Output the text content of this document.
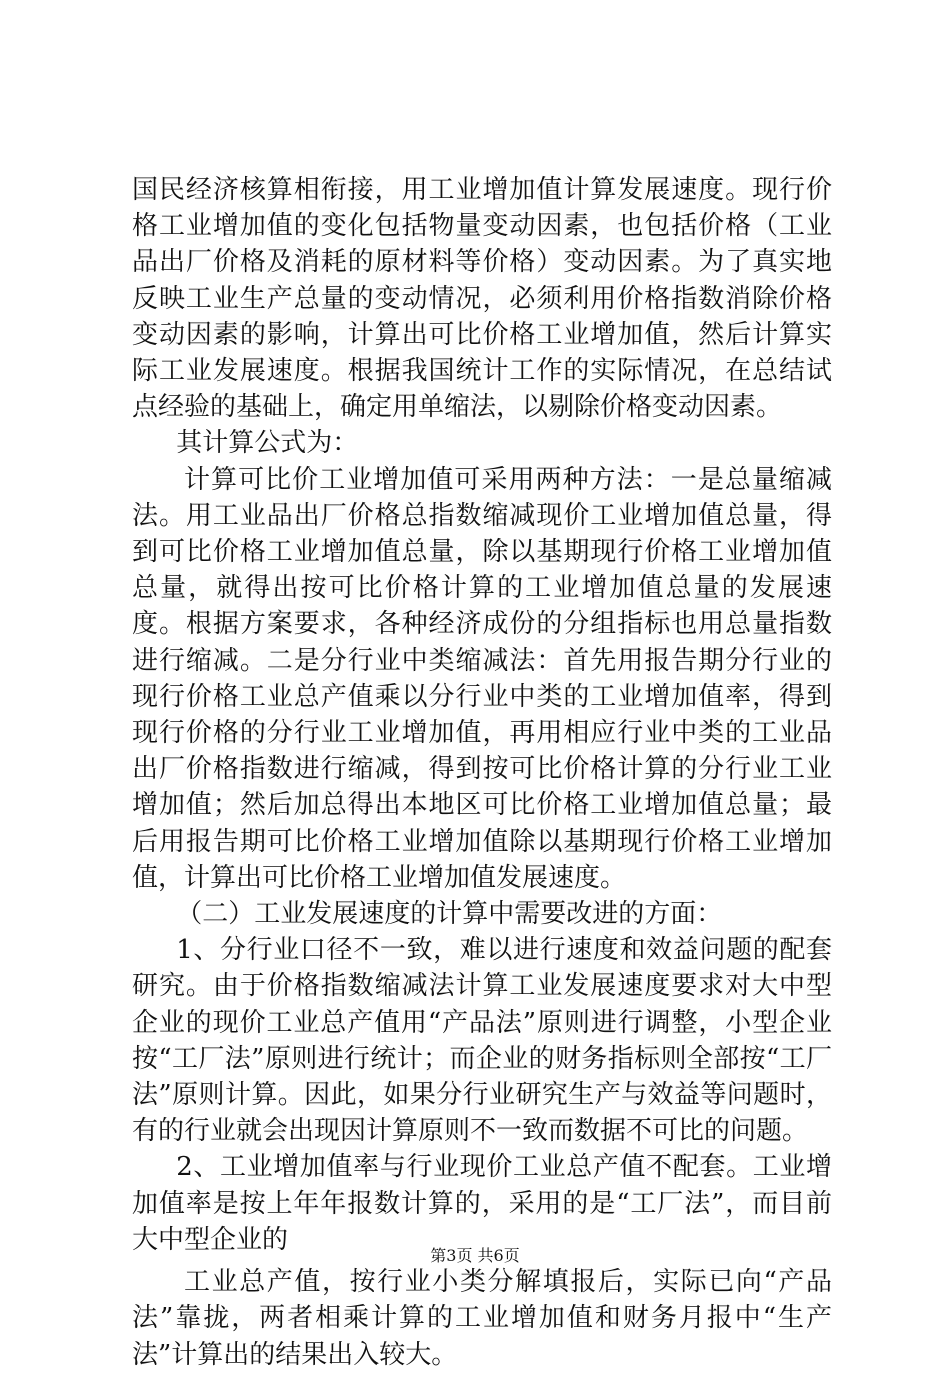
国民经济核算相衔接，用工业增加值计算发展速度。现行价格工业增加值的变化包括物量变动因素，也包括价格（工业品出厂价格及消耗的原材料等价格）变动因素。为了真实地反映工业生产总量的变动情况，必须利用价格指数消除价格变动因素的影响，计算出可比价格工业增加值，然后计算实际工业发展速度。根据我国统计工作的实际情况，在总结试点经验的基础上，确定用单缩法，以剔除价格变动因素。

其计算公式为：

计算可比价工业增加值可采用两种方法：一是总量缩减法。用工业品出厂价格总指数缩减现价工业增加值总量，得到可比价格工业增加值总量，除以基期现行价格工业增加值总量，就得出按可比价格计算的工业增加值总量的发展速度。根据方案要求，各种经济成份的分组指标也用总量指数进行缩减。二是分行业中类缩减法：首先用报告期分行业的现行价格工业总产值乘以分行业中类的工业增加值率，得到现行价格的分行业工业增加值，再用相应行业中类的工业品出厂价格指数进行缩减，得到按可比价格计算的分行业工业增加值；然后加总得出本地区可比价格工业增加值总量；最后用报告期可比价格工业增加值除以基期现行价格工业增加值，计算出可比价格工业增加值发展速度。

（二）工业发展速度的计算中需要改进的方面：

1、分行业口径不一致，难以进行速度和效益问题的配套研究。由于价格指数缩减法计算工业发展速度要求对大中型企业的现价工业总产值用“产品法”原则进行调整，小型企业按“工厂法”原则进行统计；而企业的财务指标则全部按“工厂法”原则计算。因此，如果分行业研究生产与效益等问题时，有的行业就会出现因计算原则不一致而数据不可比的问题。

2、工业增加值率与行业现价工业总产值不配套。工业增加值率是按上年年报数计算的，采用的是“工厂法”，而目前大中型企业的

工业总产值，按行业小类分解填报后，实际已向“产品法”靠拢，两者相乘计算的工业增加值和财务月报中“生产法”计算出的结果出入较大。

第3页 共6页
